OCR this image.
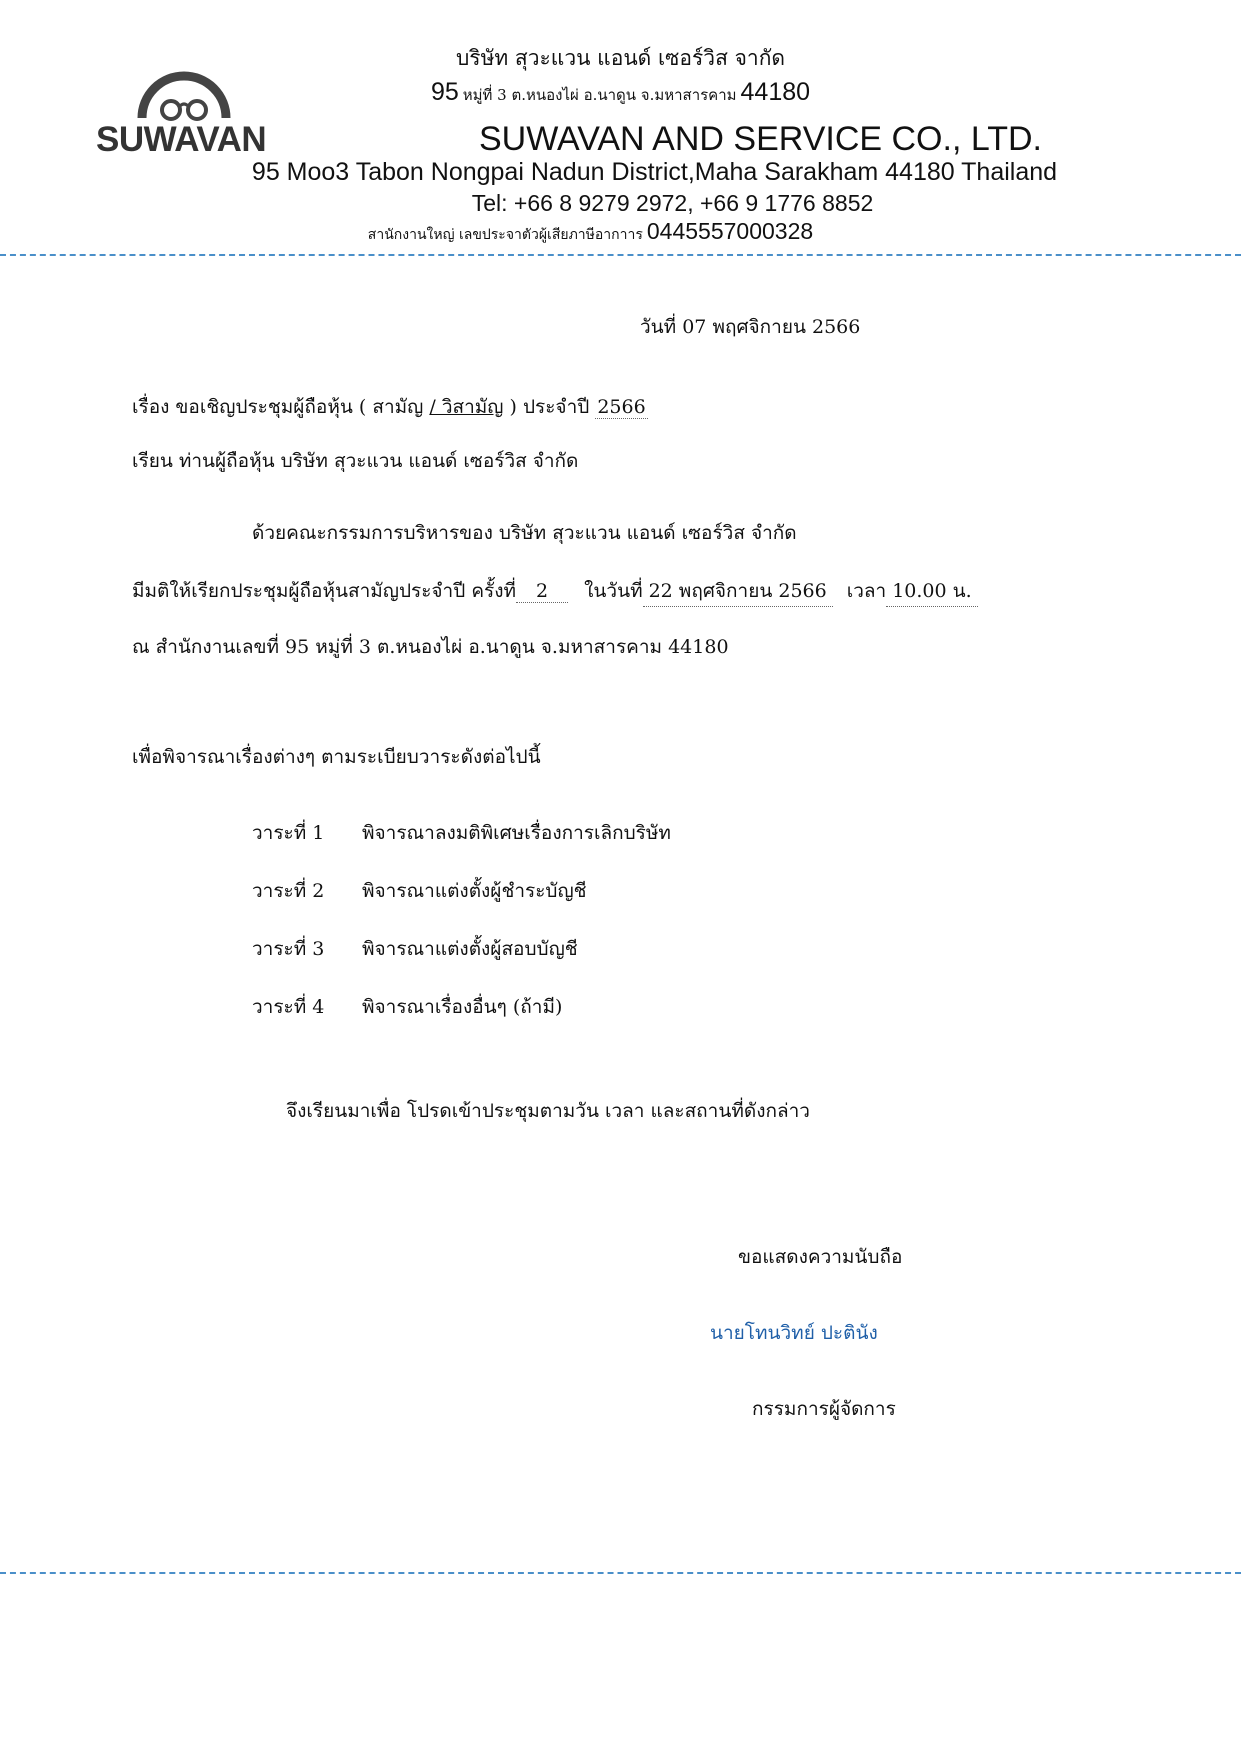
SUWAVAN
บริษัท สุวะแวน แอนด์ เซอร์วิส จากัด
95 หมู่ที่ 3 ต.หนองไผ่ อ.นาดูน จ.มหาสารคาม 44180
SUWAVAN AND SERVICE CO., LTD.
95 Moo3 Tabon Nongpai Nadun District,Maha Sarakham 44180 Thailand
Tel: +66 8 9279 2972, +66 9 1776 8852
สานักงานใหญ่ เลขประจาตัวผู้เสียภาษีอากาาร 0445557000328
วันที่ 07 พฤศจิกายน 2566
เรื่อง ขอเชิญประชุมผู้ถือหุ้น ( สามัญ / วิสามัญ ) ประจำปี 2566
เรียน ท่านผู้ถือหุ้น บริษัท สุวะแวน แอนด์ เซอร์วิส จำกัด
ด้วยคณะกรรมการบริหารของ บริษัท สุวะแวน แอนด์ เซอร์วิส จำกัด
มีมติให้เรียกประชุมผู้ถือหุ้นสามัญประจำปี ครั้งที่ 2 ในวันที่ 22 พฤศจิกายน 2566 เวลา 10.00 น.
ณ สำนักงานเลขที่ 95 หมู่ที่ 3 ต.หนองไผ่ อ.นาดูน จ.มหาสารคาม 44180
เพื่อพิจารณาเรื่องต่างๆ ตามระเบียบวาระดังต่อไปนี้
วาระที่ 1 พิจารณาลงมติพิเศษเรื่องการเลิกบริษัท
วาระที่ 2 พิจารณาแต่งตั้งผู้ชำระบัญชี
วาระที่ 3 พิจารณาแต่งตั้งผู้สอบบัญชี
วาระที่ 4 พิจารณาเรื่องอื่นๆ (ถ้ามี)
จึงเรียนมาเพื่อ โปรดเข้าประชุมตามวัน เวลา และสถานที่ดังกล่าว
ขอแสดงความนับถือ
นายโทนวิทย์ ปะตินัง
กรรมการผู้จัดการ
